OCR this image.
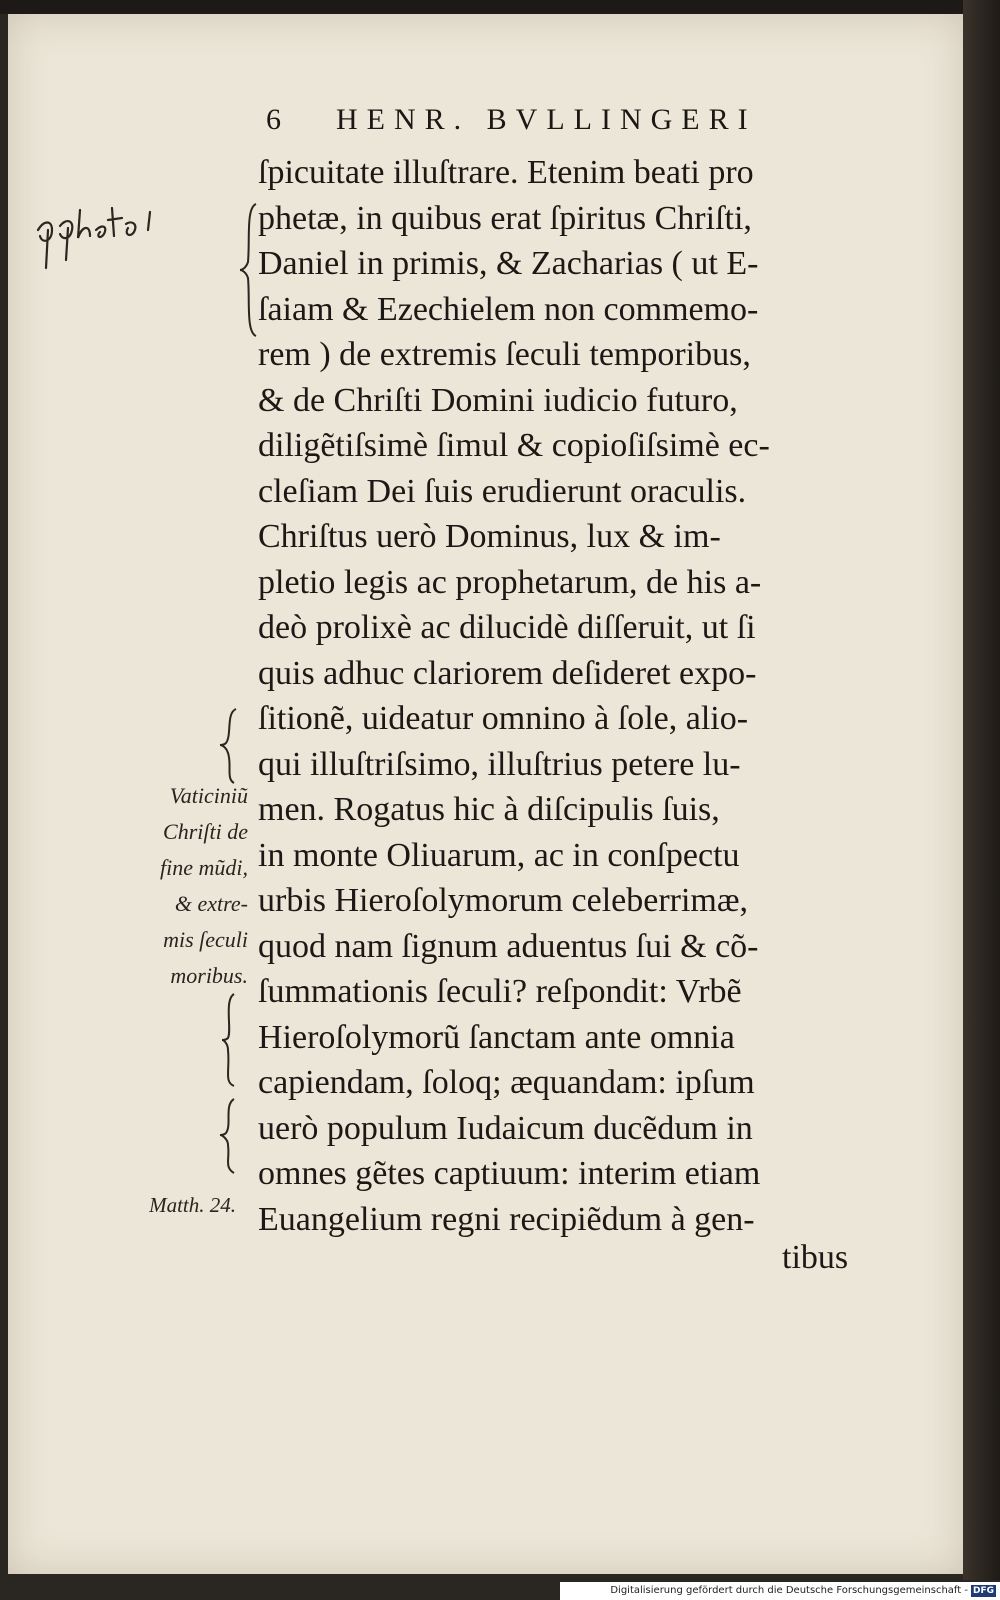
6 HENR. BVLLINGERI
ſpicuitate illuſtrare. Etenim beati pro
phetæ, in quibus erat ſpiritus Chriſti,
Daniel in primis, & Zacharias ( ut E-
ſaiam & Ezechielem non commemo-
rem ) de extremis ſeculi temporibus,
& de Chriſti Domini iudicio futuro,
diligẽtiſsimè ſimul & copioſiſsimè ec-
cleſiam Dei ſuis erudierunt oraculis.
Chriſtus uerò Dominus, lux & im-
pletio legis ac prophetarum, de his a-
deò prolixè ac dilucidè diſſeruit, ut ſi
quis adhuc clariorem deſideret expo-
ſitionẽ, uideatur omnino à ſole, alio-
qui illuſtriſsimo, illuſtrius petere lu-
men. Rogatus hic à diſcipulis ſuis,
in monte Oliuarum, ac in conſpectu
urbis Hieroſolymorum celeberrimæ,
quod nam ſignum aduentus ſui & cõ-
ſummationis ſeculi? reſpondit: Vrbẽ
Hieroſolymorũ ſanctam ante omnia
capiendam, ſoloq; æquandam: ipſum
uerò populum Iudaicum ducẽdum in
omnes gẽtes captiuum: interim etiam
Euangelium regni recipiẽdum à gen-
tibus
Vaticiniũ
Chriſti de
fine mũdi,
& extre-
mis ſeculi
moribus.
Matth. 24.
Digitalisierung gefördert durch die Deutsche Forschungsgemeinschaft - DFG
